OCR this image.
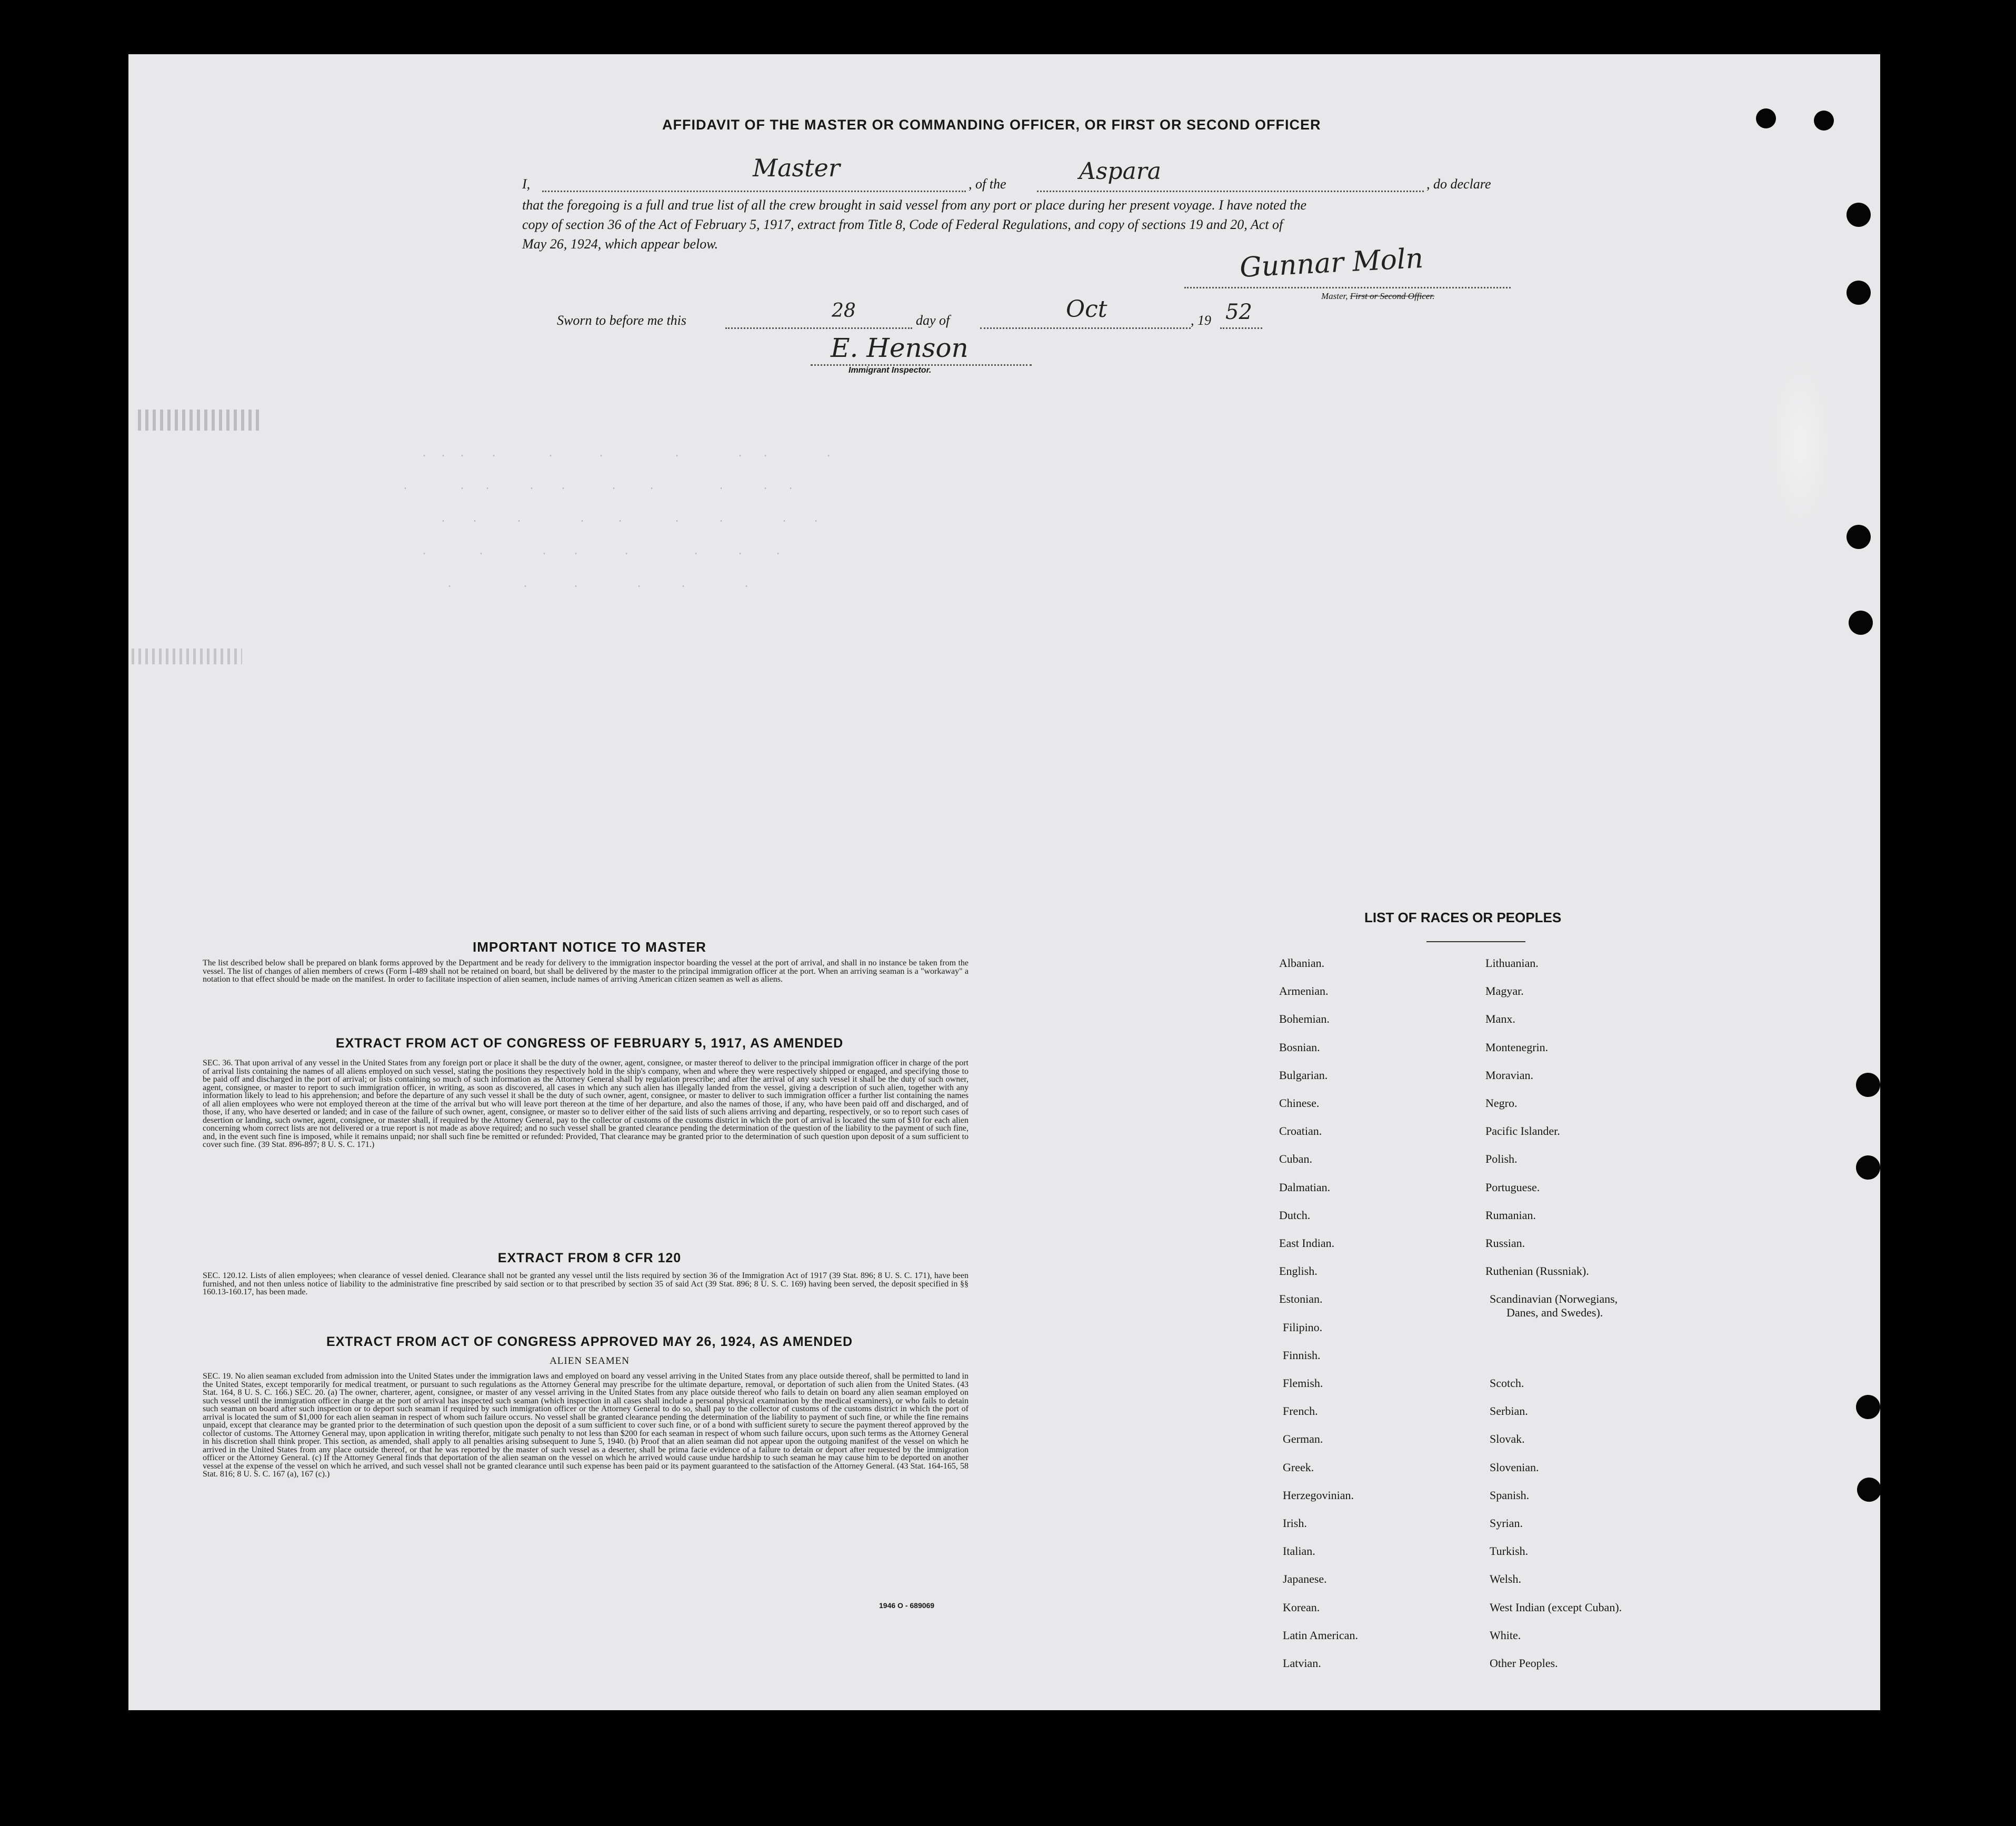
.  .  .    .        .       .           .         .   .         .
.        .   .      .    .       .     .          .      .   .
.    .      .         .     .        .      .         .    .
.        .         .    .       .          .      .     .
.           .       .         .      .         .

AFFIDAVIT OF THE MASTER OR COMMANDING OFFICER, OR FIRST OR SECOND OFFICER
I,
Master
, of the	Aspara	, do declare
that the foregoing is a full and true list of all the crew brought in said vessel from any port or place during her present voyage. I have noted the
copy of section 36 of the Act of February 5, 1917, extract from Title 8, Code of Federal Regulations, and copy of sections 19 and 20, Act of
May 26, 1924, which appear below.	Gunnar Moln
Master, First or Second Officer.
Sworn to before me this	28	day of	Oct	, 19 52
E. Henson
Immigrant Inspector.
IMPORTANT NOTICE TO MASTER
The list described below shall be prepared on blank forms approved by the Department and be ready for delivery to the immigration inspector boarding the vessel at the port of arrival, and shall in no instance be taken from the vessel. The list of changes of alien members of crews (Form I-489 shall not be retained on board, but shall be delivered by the master to the principal immigration officer at the port. When an arriving seaman is a "workaway" a notation to that effect should be made on the manifest. In order to facilitate inspection of alien seamen, include names of arriving American citizen seamen as well as aliens.
EXTRACT FROM ACT OF CONGRESS OF FEBRUARY 5, 1917, AS AMENDED
SEC. 36. That upon arrival of any vessel in the United States from any foreign port or place it shall be the duty of the owner, agent, consignee, or master thereof to deliver to the principal immigration officer in charge of the port of arrival lists containing the names of all aliens employed on such vessel, stating the positions they respectively hold in the ship's company, when and where they were respectively shipped or engaged, and specifying those to be paid off and discharged in the port of arrival; or lists containing so much of such information as the Attorney General shall by regulation prescribe; and after the arrival of any such vessel it shall be the duty of such owner, agent, consignee, or master to report to such immigration officer, in writing, as soon as discovered, all cases in which any such alien has illegally landed from the vessel, giving a description of such alien, together with any information likely to lead to his apprehension; and before the departure of any such vessel it shall be the duty of such owner, agent, consignee, or master to deliver to such immigration officer a further list containing the names of all alien employees who were not employed thereon at the time of the arrival but who will leave port thereon at the time of her departure, and also the names of those, if any, who have been paid off and discharged, and of those, if any, who have deserted or landed; and in case of the failure of such owner, agent, consignee, or master so to deliver either of the said lists of such aliens arriving and departing, respectively, or so to report such cases of desertion or landing, such owner, agent, consignee, or master shall, if required by the Attorney General, pay to the collector of customs of the customs district in which the port of arrival is located the sum of $10 for each alien concerning whom correct lists are not delivered or a true report is not made as above required; and no such vessel shall be granted clearance pending the determination of the question of the liability to the payment of such fine, and, in the event such fine is imposed, while it remains unpaid; nor shall such fine be remitted or refunded: Provided, That clearance may be granted prior to the determination of such question upon deposit of a sum sufficient to cover such fine. (39 Stat. 896-897; 8 U. S. C. 171.)
EXTRACT FROM 8 CFR 120
SEC. 120.12. Lists of alien employees; when clearance of vessel denied. Clearance shall not be granted any vessel until the lists required by section 36 of the Immigration Act of 1917 (39 Stat. 896; 8 U. S. C. 171), have been furnished, and not then unless notice of liability to the administrative fine prescribed by said section or to that prescribed by section 35 of said Act (39 Stat. 896; 8 U. S. C. 169) having been served, the deposit specified in §§ 160.13-160.17, has been made.
EXTRACT FROM ACT OF CONGRESS APPROVED MAY 26, 1924, AS AMENDED
ALIEN SEAMEN
SEC. 19. No alien seaman excluded from admission into the United States under the immigration laws and employed on board any vessel arriving in the United States from any place outside thereof, shall be permitted to land in the United States, except temporarily for medical treatment, or pursuant to such regulations as the Attorney General may prescribe for the ultimate departure, removal, or deportation of such alien from the United States. (43 Stat. 164, 8 U. S. C. 166.) SEC. 20. (a) The owner, charterer, agent, consignee, or master of any vessel arriving in the United States from any place outside thereof who fails to detain on board any alien seaman employed on such vessel until the immigration officer in charge at the port of arrival has inspected such seaman (which inspection in all cases shall include a personal physical examination by the medical examiners), or who fails to detain such seaman on board after such inspection or to deport such seaman if required by such immigration officer or the Attorney General to do so, shall pay to the collector of customs of the customs district in which the port of arrival is located the sum of $1,000 for each alien seaman in respect of whom such failure occurs. No vessel shall be granted clearance pending the determination of the liability to payment of such fine, or while the fine remains unpaid, except that clearance may be granted prior to the determination of such question upon the deposit of a sum sufficient to cover such fine, or of a bond with sufficient surety to secure the payment thereof approved by the collector of customs. The Attorney General may, upon application in writing therefor, mitigate such penalty to not less than $200 for each seaman in respect of whom such failure occurs, upon such terms as the Attorney General in his discretion shall think proper. This section, as amended, shall apply to all penalties arising subsequent to June 5, 1940. (b) Proof that an alien seaman did not appear upon the outgoing manifest of the vessel on which he arrived in the United States from any place outside thereof, or that he was reported by the master of such vessel as a deserter, shall be prima facie evidence of a failure to detain or deport after requested by the immigration officer or the Attorney General. (c) If the Attorney General finds that deportation of the alien seaman on the vessel on which he arrived would cause undue hardship to such seaman he may cause him to be deported on another vessel at the expense of the vessel on which he arrived, and such vessel shall not be granted clearance until such expense has been paid or its payment guaranteed to the satisfaction of the Attorney General. (43 Stat. 164-165, 58 Stat. 816; 8 U. S. C. 167 (a), 167 (c).)
1946 O - 689069
LIST OF RACES OR PEOPLES
Albanian.
Armenian.
Bohemian.
Bosnian.
Bulgarian.
Chinese.
Croatian.
Cuban.
Dalmatian.
Dutch.
East Indian.
English.
Estonian.
Filipino.
Finnish.
Flemish.
French.
German.
Greek.
Herzegovinian.
Irish.
Italian.
Japanese.
Korean.
Latin American.
Latvian.
Lithuanian.
Magyar.
Manx.
Montenegrin.
Moravian.
Negro.
Pacific Islander.
Polish.
Portuguese.
Rumanian.
Russian.
Ruthenian (Russniak).
Scandinavian (Norwegians,
Danes, and Swedes).
Scotch.
Serbian.
Slovak.
Slovenian.
Spanish.
Syrian.
Turkish.
Welsh.
West Indian (except Cuban).
White.
Other Peoples.
